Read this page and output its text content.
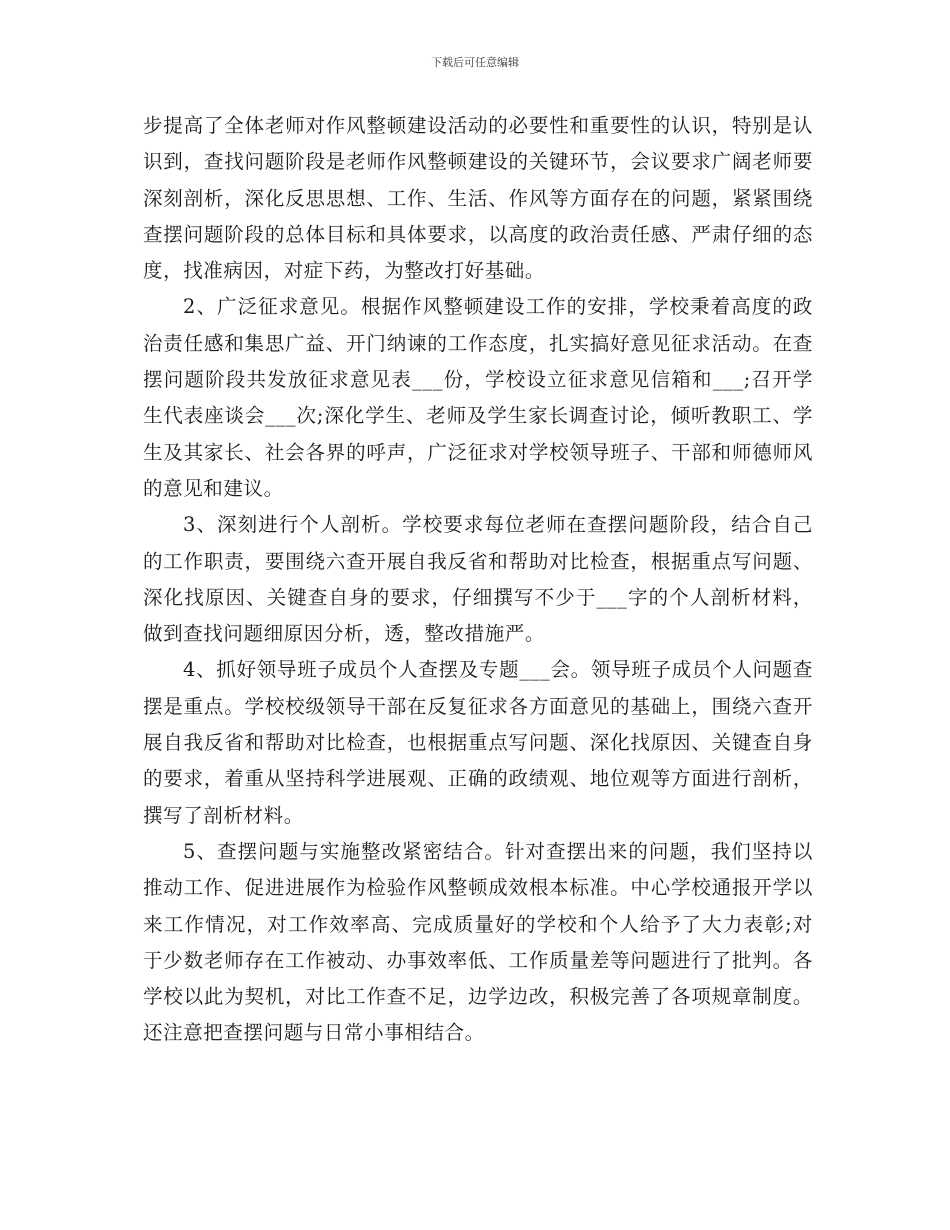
下载后可任意编辑

步提高了全体老师对作风整顿建设活动的必要性和重要性的认识，特别是认识到，查找问题阶段是老师作风整顿建设的关键环节，会议要求广阔老师要深刻剖析，深化反思思想、工作、生活、作风等方面存在的问题，紧紧围绕查摆问题阶段的总体目标和具体要求，以高度的政治责任感、严肃仔细的态度，找准病因，对症下药，为整改打好基础。

2、广泛征求意见。根据作风整顿建设工作的安排，学校秉着高度的政治责任感和集思广益、开门纳谏的工作态度，扎实搞好意见征求活动。在查摆问题阶段共发放征求意见表___份，学校设立征求意见信箱和___;召开学生代表座谈会___次;深化学生、老师及学生家长调查讨论，倾听教职工、学生及其家长、社会各界的呼声，广泛征求对学校领导班子、干部和师德师风的意见和建议。

3、深刻进行个人剖析。学校要求每位老师在查摆问题阶段，结合自己的工作职责，要围绕六查开展自我反省和帮助对比检查，根据重点写问题、深化找原因、关键查自身的要求，仔细撰写不少于___字的个人剖析材料，做到查找问题细原因分析，透，整改措施严。

4、抓好领导班子成员个人查摆及专题___会。领导班子成员个人问题查摆是重点。学校校级领导干部在反复征求各方面意见的基础上，围绕六查开展自我反省和帮助对比检查，也根据重点写问题、深化找原因、关键查自身的要求，着重从坚持科学进展观、正确的政绩观、地位观等方面进行剖析，撰写了剖析材料。

5、查摆问题与实施整改紧密结合。针对查摆出来的问题，我们坚持以推动工作、促进进展作为检验作风整顿成效根本标准。中心学校通报开学以来工作情况，对工作效率高、完成质量好的学校和个人给予了大力表彰;对于少数老师存在工作被动、办事效率低、工作质量差等问题进行了批判。各学校以此为契机，对比工作查不足，边学边改，积极完善了各项规章制度。还注意把查摆问题与日常小事相结合。
